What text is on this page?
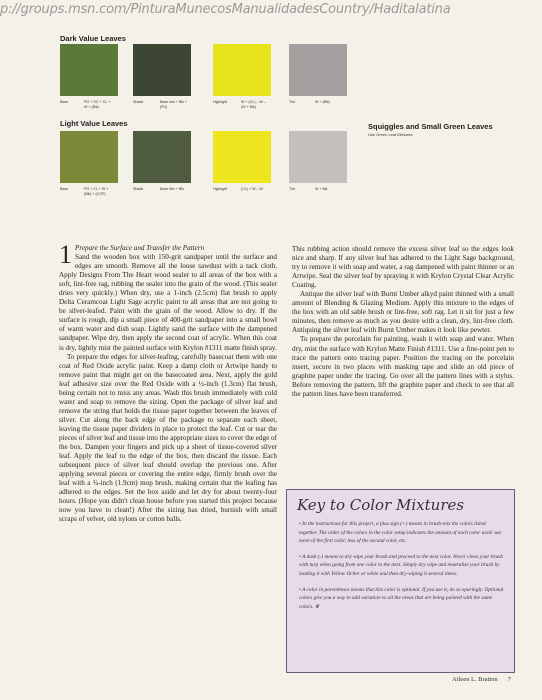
p://groups.msn.com/PinturaMunecosManualidadesCountry/Haditalatina
Dark Value Leaves
Base	PG + OC + CL +
W + (Blk)
Shade	Base mix + Blk +
(FU)
Highlight	W + (CL) – W –
(W + Blk)
Tint	W + (Blk)
Light Value Leaves
Base	PG + CL + W +
(Blk) + (CGP)
Shade	Base Mix + Blk	Highlight	(CL) + W – W	Tint	W + Blk
Squiggles and Small Green Leaves
Use Green Leaf Mixtures

1 Prepare the Surface and Transfer the Pattern
Sand the wooden box with 150-grit sandpaper until the surface and edges are smooth. Remove all the loose sawdust with a tack cloth. Apply Designs From The Heart wood sealer to all areas of the box with a soft, lint-free rag, rubbing the sealer into the grain of the wood. (This sealer dries very quickly.) When dry, use a 1-inch (2.5cm) flat brush to apply Delta Ceramcoat Light Sage acrylic paint to all areas that are not going to be silver-leafed. Paint with the grain of the wood. Allow to dry. If the surface is rough, dip a small piece of 400-grit sandpaper into a small bowl of warm water and dish soap. Lightly sand the surface with the dampened sandpaper. Wipe dry, then apply the second coat of acrylic. When this coat is dry, lightly mist the painted surface with Krylon #1311 matte finish spray.

To prepare the edges for silver-leafing, carefully basecoat them with one coat of Red Oxide acrylic paint. Keep a damp cloth or Artwipe handy to remove paint that might get on the basecoated area. Next, apply the gold leaf adhesive size over the Red Oxide with a ½-inch (1.3cm) flat brush, being certain not to miss any areas. Wash this brush immediately with cold water and soap to remove the sizing. Open the package of silver leaf and remove the string that holds the tissue paper together between the leaves of silver. Cut along the back edge of the package to separate each sheet, leaving the tissue paper dividers in place to protect the leaf. Cut or tear the pieces of silver leaf and tissue into the appropriate sizes to cover the edge of the box. Dampen your fingers and pick up a sheet of tissue-covered silver leaf. Apply the leaf to the edge of the box, then discard the tissue. Each subsequent piece of silver leaf should overlap the previous one. After applying several pieces or covering the entire edge, firmly brush over the leaf with a ¾-inch (1.9cm) mop brush, making certain that the leafing has adhered to the edges. Set the box aside and let dry for about twenty-four hours. (Hope you didn't clean house before you started this project because now you have to clean!) After the sizing has dried, burnish with small scraps of velvet, old nylons or cotton balls.

This rubbing action should remove the excess silver leaf so the edges look nice and sharp. If any silver leaf has adhered to the Light Sage background, try to remove it with soap and water, a rag dampened with paint thinner or an Artwipe. Seal the silver leaf by spraying it with Krylon Crystal Clear Acrylic Coating.

Antique the silver leaf with Burnt Umber alkyd paint thinned with a small amount of Blending & Glazing Medium. Apply this mixture to the edges of the box with an old sable brush or lint-free, soft rag. Let it sit for just a few minutes, then remove as much as you desire with a clean, dry, lint-free cloth. Antiquing the silver leaf with Burnt Umber makes it look like pewter.

To prepare the porcelain for painting, wash it with soap and water. When dry, mist the surface with Krylon Matte Finish #1311. Use a fine-point pen to trace the pattern onto tracing paper. Position the tracing on the porcelain insert, secure in two places with masking tape and slide an old piece of graphite paper under the tracing. Go over all the pattern lines with a stylus. Before removing the pattern, lift the graphite paper and check to see that all the pattern lines have been transferred.

Key to Color Mixtures

• In the instructions for this project, a plus sign (+) means to brush-mix the colors listed together. The order of the colors in the color setup indicates the amount of each color used: use more of the first color, less of the second color, etc.

• A dash (-) means to dry wipe your brush and proceed to the next color. Never clean your brush with turp when going from one color to the next. Simply dry wipe and neutralize your brush by loading it with Yellow Ochre or white and then dry-wiping it several times.

• A color in parentheses means that this color is optional. If you use it, do so sparingly. Optional colors give you a way to add variation to all the areas that are being painted with the same colors. ❦

Aileen L. Bratton 7
